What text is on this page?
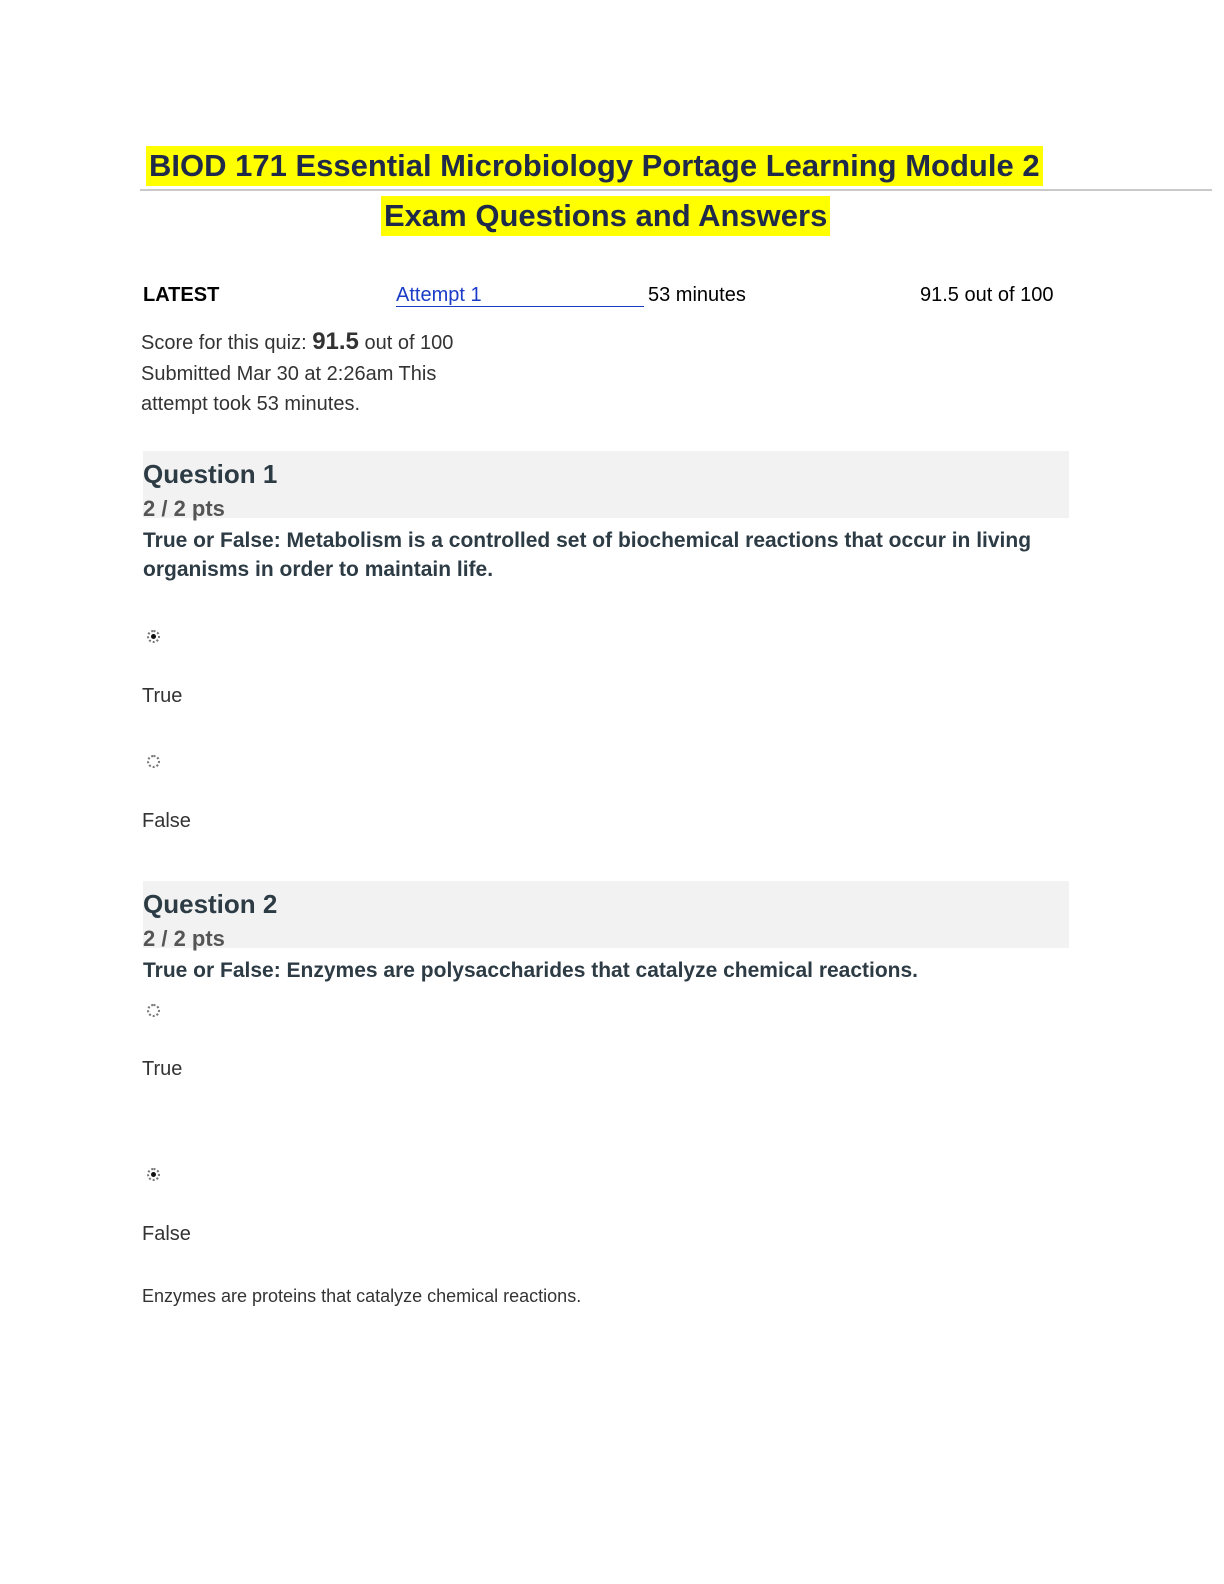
BIOD 171 Essential Microbiology Portage Learning Module 2
Exam Questions and Answers
LATEST	Attempt 1	53 minutes	91.5 out of 100
Score for this quiz: 91.5 out of 100
Submitted Mar 30 at 2:26am This
attempt took 53 minutes.
Question 1
2 / 2 pts
True or False: Metabolism is a controlled set of biochemical reactions that occur in living organisms in order to maintain life.
True
False
Question 2
2 / 2 pts
True or False: Enzymes are polysaccharides that catalyze chemical reactions.
True
False
Enzymes are proteins that catalyze chemical reactions.
